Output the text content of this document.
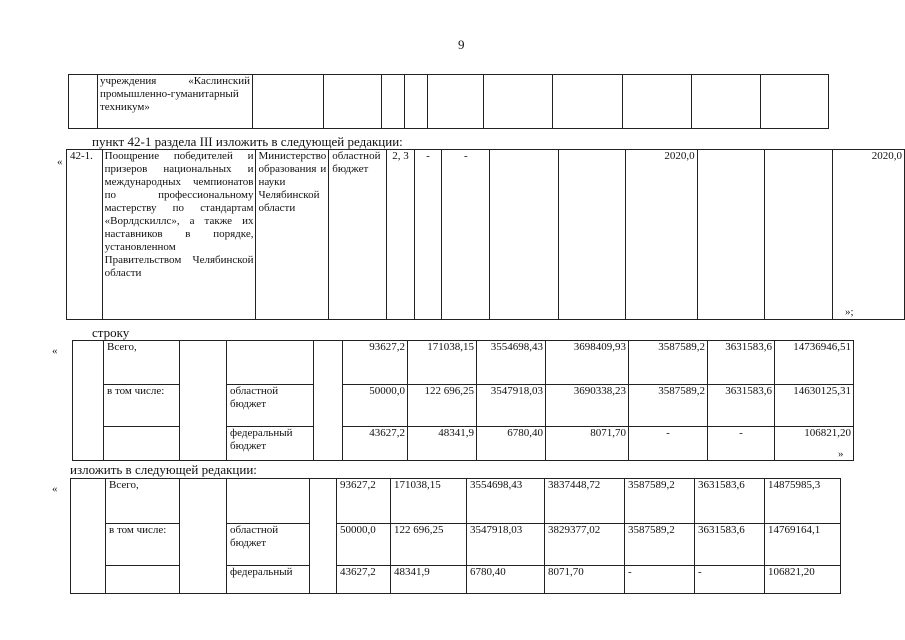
9
	учреждения «Каслинский промышленно-гуманитарный техникум»										
пункт 42-1 раздела III изложить в следующей редакции:
« 42-1.	Поощрение победителей и призеров национальных и международных чемпионатов по профессиональному мастерству по стандартам «Ворлдскиллс», а также их наставников в порядке, установленном Правительством Челябинской области	Министерство образования и науки Челябинской области	областной бюджет	2, 3	-	-			2020,0			2020,0
»;
строку
«
		Всего,				93627,2	171038,15	3554698,43	3698409,93	3587589,2	3631583,6	14736946,51
	в том числе:		областной бюджет		50000,0	122 696,25	3547918,03	3690338,23	3587589,2	3631583,6	14630125,31
			федеральный бюджет		43627,2	48341,9	6780,40	8071,70	-	-	106821,20
»
изложить в следующей редакции:
«
		Всего,				93627,2	171038,15	3554698,43	3837448,72	3587589,2	3631583,6	14875985,3
	в том числе:		областной бюджет		50000,0	122 696,25	3547918,03	3829377,02	3587589,2	3631583,6	14769164,1
			федеральный		43627,2	48341,9	6780,40	8071,70	-	-	106821,20
